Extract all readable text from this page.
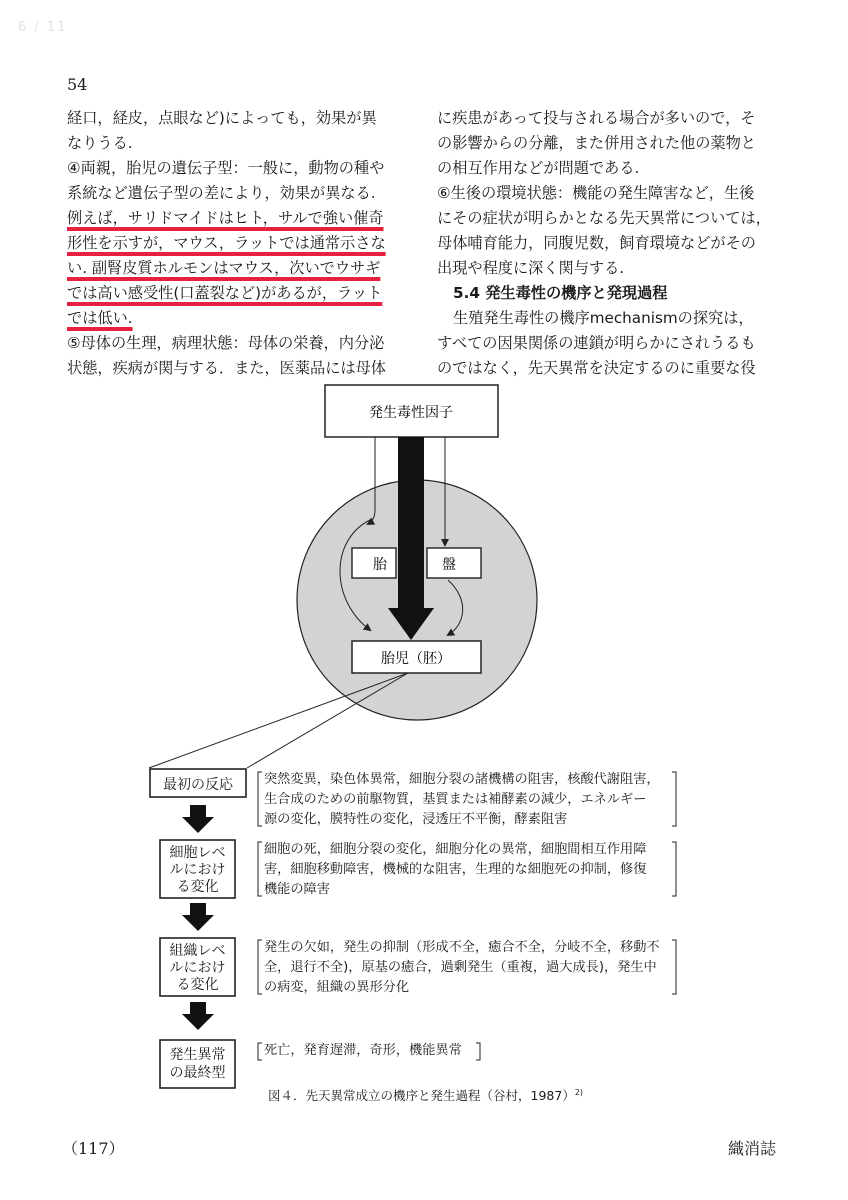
6 / 11
54
経口，経皮，点眼など)によっても，効果が異
なりうる.
④両親，胎児の遺伝子型：一般に，動物の種や
系統など遺伝子型の差により，効果が異なる.
例えば，サリドマイドはヒト，サルで強い催奇
形性を示すが，マウス，ラットでは通常示さな
い. 副腎皮質ホルモンはマウス，次いでウサギ
では高い感受性(口蓋裂など)があるが，ラット
では低い.
⑤母体の生理，病理状態：母体の栄養，内分泌
状態，疾病が関与する．また，医薬品には母体
に疾患があって投与される場合が多いので，そ
の影響からの分離，また併用された他の薬物と
の相互作用などが問題である.
⑥生後の環境状態：機能の発生障害など，生後
にその症状が明らかとなる先天異常については，
母体哺育能力，同腹児数，飼育環境などがその
出現や程度に深く関与する.
5.4 発生毒性の機序と発現過程
生殖発生毒性の機序mechanismの探究は，
すべての因果関係の連鎖が明らかにされうるも
のではなく，先天異常を決定するのに重要な役
発生毒性因子
胎	盤
胎児（胚）
最初の反応
細胞レベ
ルにおけ
る変化
組織レベ
ルにおけ
る変化
発生異常
の最終型
突然変異，染色体異常，細胞分裂の諸機構の阻害，核酸代謝阻害，
生合成のための前駆物質，基質または補酵素の減少，エネルギー
源の変化，膜特性の変化，浸透圧不平衡，酵素阻害
細胞の死，細胞分裂の変化，細胞分化の異常，細胞間相互作用障
害，細胞移動障害，機械的な阻害，生理的な細胞死の抑制，修復
機能の障害
発生の欠如，発生の抑制（形成不全，癒合不全，分岐不全，移動不
全，退行不全)，原基の癒合，過剰発生（重複，過大成長)，発生中
の病変，組織の異形分化
死亡，発育遅滞，奇形，機能異常
図４．先天異常成立の機序と発生過程（谷村，1987）$^{2)}$
（117）	織消誌
